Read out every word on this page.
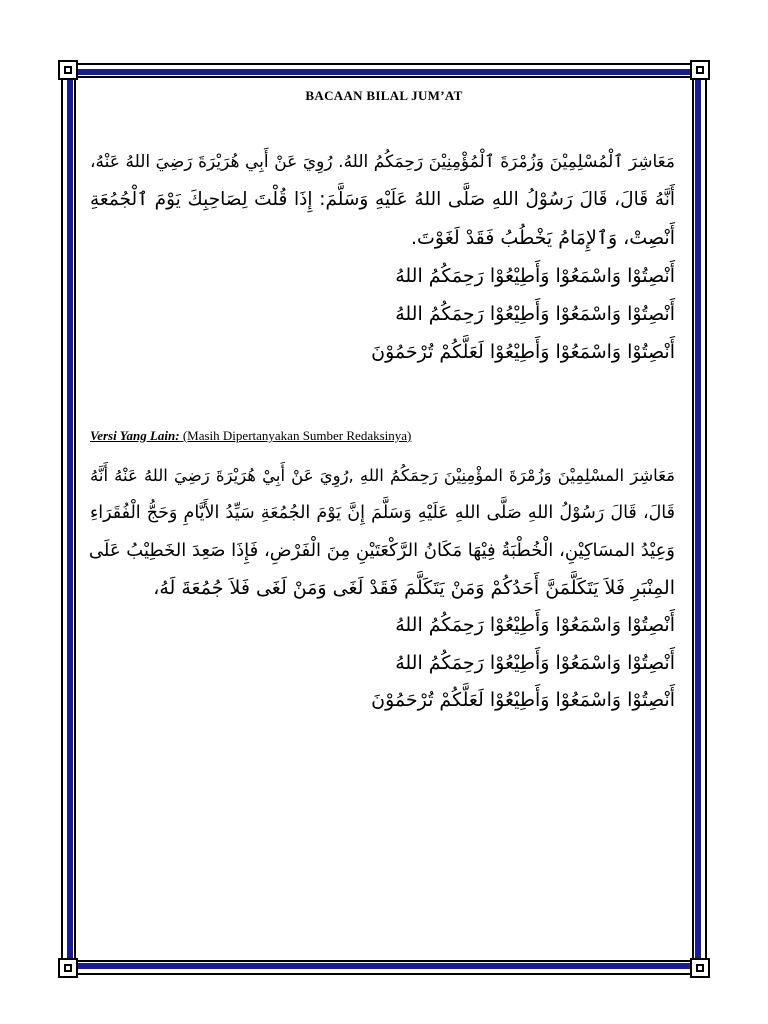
BACAAN BILAL JUM’AT
مَعَاشِرَ ٱلْمُسْلِمِيْنَ وَزُمْرَةَ ٱلْمُؤْمِنِيْنَ رَحِمَكُمُ اللهُ. رُوِيَ عَنْ أَبِي هُرَيْرَةَ رَضِيَ اللهُ عَنْهُ،
أَنَّهُ قَالَ، قَالَ رَسُوْلُ اللهِ صَلَّى اللهُ عَلَيْهِ وَسَلَّمَ: إِذَا قُلْتَ لِصَاحِبِكَ يَوْمَ ٱلْجُمُعَةِ
أَنْصِتْ، وَٱلإِمَامُ يَخْطُبُ فَقَدْ لَغَوْتَ.
أَنْصِتُوْا وَاسْمَعُوْا وَأَطِيْعُوْا رَحِمَكُمُ اللهُ
أَنْصِتُوْا وَاسْمَعُوْا وَأَطِيْعُوْا رَحِمَكُمُ اللهُ
أَنْصِتُوْا وَاسْمَعُوْا وَأَطِيْعُوْا لَعَلَّكُمْ تُرْحَمُوْنَ
Versi Yang Lain: (Masih Dipertanyakan Sumber Redaksinya)
مَعَاشِرَ المسْلِمِيْنَ وَزُمْرَةَ المؤْمِنِيْنَ رَحِمَكُمُ اللهِ ,رُوِيَ عَنْ أَبِيْ هُرَيْرَةَ رَضِيَ اللهُ عَنْهُ أَنَّهُ
قَالَ، قَالَ رَسُوْلُ اللهِ صَلَّى اللهِ عَلَيْهِ وَسَلَّمَ إِنَّ يَوْمَ الجُمُعَةِ سَيِّدُ الأَيَّامِ وَحَجُّ الْفُقَرَاءِ
وَعِيْدُ المسَاكِيْنِ، الْخُطْبَةُ فِيْهَا مَكَانُ الرَّكْعَتَيْنِ مِنَ الْفَرْضِ، فَإِذَا صَعِدَ الخَطِيْبُ عَلَى
المِنْبَرِ فَلاَ يَتَكَلَّمَنَّ أَحَدُكُمْ وَمَنْ يَتَكَلَّمَ فَقَدْ لَغَى وَمَنْ لَغَى فَلاَ جُمُعَةَ لَهُ،
أَنْصِتُوْا وَاسْمَعُوْا وَأَطِيْعُوْا رَحِمَكُمُ اللهُ
أَنْصِتُوْا وَاسْمَعُوْا وَأَطِيْعُوْا رَحِمَكُمُ اللهُ
أَنْصِتُوْا وَاسْمَعُوْا وَأَطِيْعُوْا لَعَلَّكُمْ تُرْحَمُوْنَ
